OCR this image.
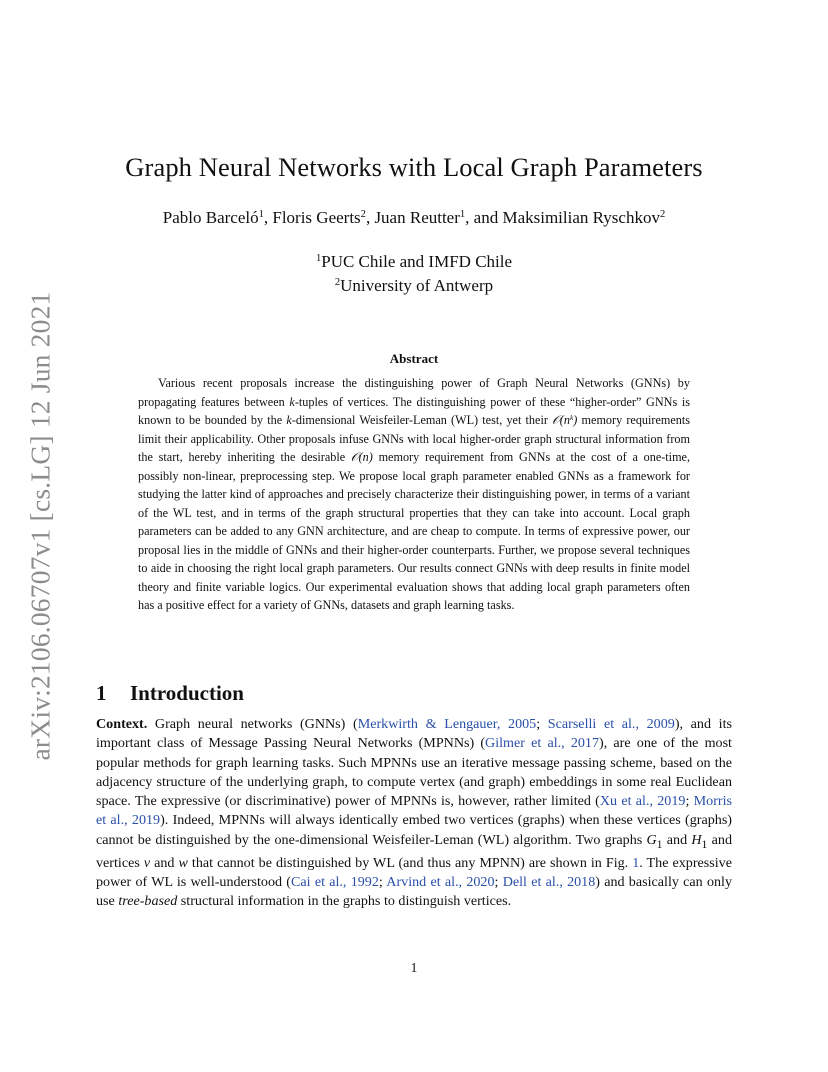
arXiv:2106.06707v1 [cs.LG] 12 Jun 2021
Graph Neural Networks with Local Graph Parameters

Pablo Barceló$^1$, Floris Geerts$^2$, Juan Reutter$^1$, and Maksimilian Ryschkov$^2$

$^1$PUC Chile and IMFD Chile

$^2$University of Antwerp

Abstract

Various recent proposals increase the distinguishing power of Graph Neural Networks (GNNs) by propagating features between k-tuples of vertices. The distinguishing power of these “higher-order” GNNs is known to be bounded by the k-dimensional Weisfeiler-Leman (WL) test, yet their $𝒪(n^k)$ memory requirements limit their applicability. Other proposals infuse GNNs with local higher-order graph structural information from the start, hereby inheriting the desirable 𝒪(n) memory requirement from GNNs at the cost of a one-time, possibly non-linear, preprocessing step. We propose local graph parameter enabled GNNs as a framework for studying the latter kind of approaches and precisely characterize their distinguishing power, in terms of a variant of the WL test, and in terms of the graph structural properties that they can take into account. Local graph parameters can be added to any GNN architecture, and are cheap to compute. In terms of expressive power, our proposal lies in the middle of GNNs and their higher-order counterparts. Further, we propose several techniques to aide in choosing the right local graph parameters. Our results connect GNNs with deep results in finite model theory and finite variable logics. Our experimental evaluation shows that adding local graph parameters often has a positive effect for a variety of GNNs, datasets and graph learning tasks.

1 Introduction

Context. Graph neural networks (GNNs) (Merkwirth & Lengauer, 2005; Scarselli et al., 2009), and its important class of Message Passing Neural Networks (MPNNs) (Gilmer et al., 2017), are one of the most popular methods for graph learning tasks. Such MPNNs use an iterative message passing scheme, based on the adjacency structure of the underlying graph, to compute vertex (and graph) embeddings in some real Euclidean space. The expressive (or discriminative) power of MPNNs is, however, rather limited (Xu et al., 2019; Morris et al., 2019). Indeed, MPNNs will always identically embed two vertices (graphs) when these vertices (graphs) cannot be distinguished by the one-dimensional Weisfeiler-Leman (WL) algorithm. Two graphs $G_1$ and $H_1$ and vertices v and w that cannot be distinguished by WL (and thus any MPNN) are shown in Fig. 1. The expressive power of WL is well-understood (Cai et al., 1992; Arvind et al., 2020; Dell et al., 2018) and basically can only use tree-based structural information in the graphs to distinguish vertices.

1
